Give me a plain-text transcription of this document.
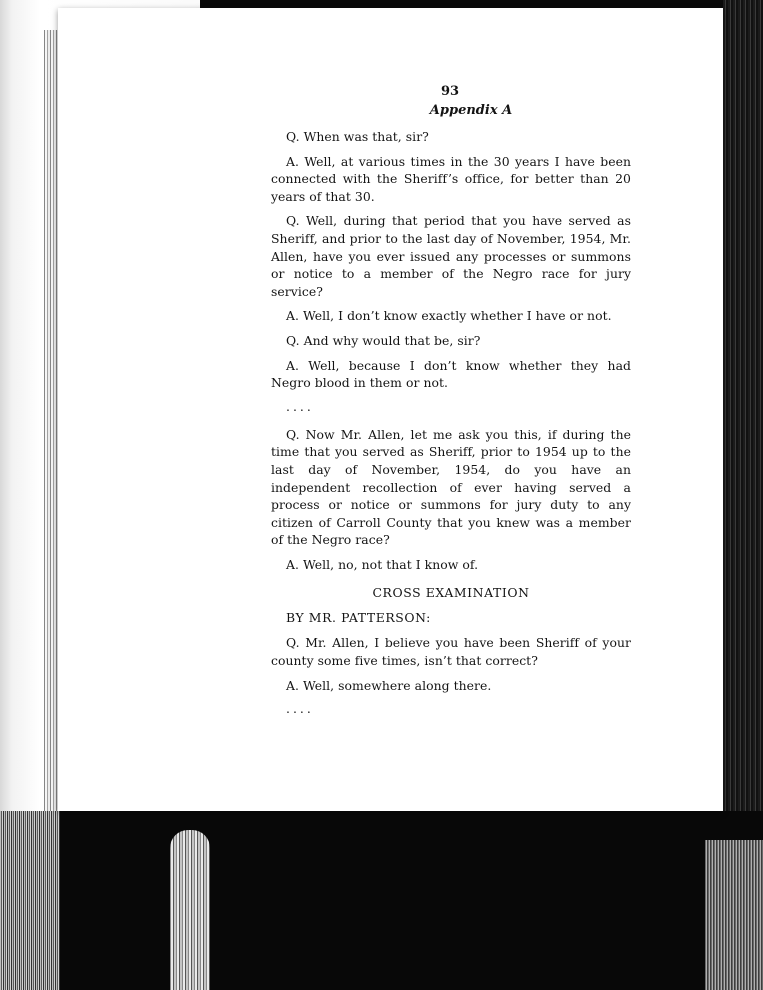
93
Appendix A

Q. When was that, sir?

A. Well, at various times in the 30 years I have been connected with the Sheriff’s office, for better than 20 years of that 30.

Q. Well, during that period that you have served as Sheriff, and prior to the last day of November, 1954, Mr. Allen, have you ever issued any processes or summons or notice to a member of the Negro race for jury service?

A. Well, I don’t know exactly whether I have or not.

Q. And why would that be, sir?

A. Well, because I don’t know whether they had Negro blood in them or not.

....

Q. Now Mr. Allen, let me ask you this, if during the time that you served as Sheriff, prior to 1954 up to the last day of November, 1954, do you have an independent recollection of ever having served a process or notice or summons for jury duty to any citizen of Carroll County that you knew was a member of the Negro race?

A. Well, no, not that I know of.

CROSS EXAMINATION
BY MR. PATTERSON:

Q. Mr. Allen, I believe you have been Sheriff of your county some five times, isn’t that correct?

A. Well, somewhere along there.

....
